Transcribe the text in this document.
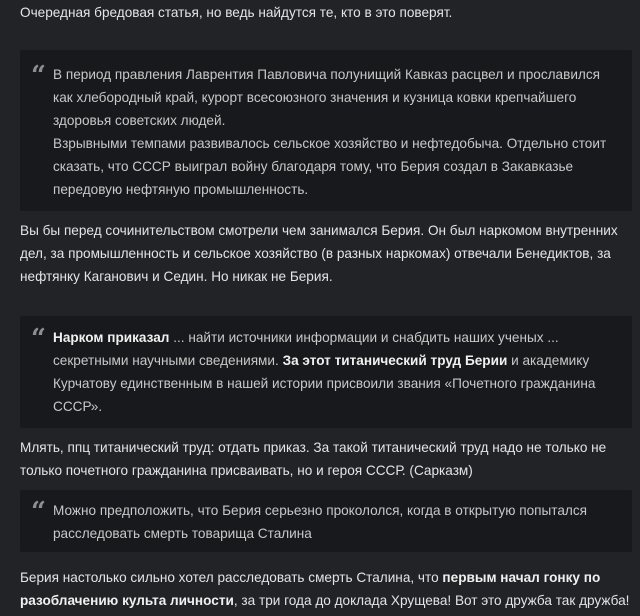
Очередная бредовая статья, но ведь найдутся те, кто в это поверят.

“ В период правления Лаврентия Павловича полунищий Кавказ расцвел и прославился как хлебородный край, курорт всесоюзного значения и кузница ковки крепчайшего здоровья советских людей.

Взрывными темпами развивалось сельское хозяйство и нефтедобыча. Отдельно стоит сказать, что СССР выиграл войну благодаря тому, что Берия создал в Закавказье передовую нефтяную промышленность.

Вы бы перед сочинительством смотрели чем занимался Берия. Он был наркомом внутренних дел, за промышленность и сельское хозяйство (в разных наркомах) отвечали Бенедиктов, за нефтянку Каганович и Седин. Но никак не Берия.

“ Нарком приказал ... найти источники информации и снабдить наших ученых ... секретными научными сведениями. За этот титанический труд Берии и академику Курчатову единственным в нашей истории присвоили звания «Почетного гражданина СССР».

Млять, ппц титанический труд: отдать приказ. За такой титанический труд надо не только не только почетного гражданина присваивать, но и героя СССР. (Сарказм)

“ Можно предположить, что Берия серьезно прокололся, когда в открытую попытался расследовать смерть товарища Сталина

Берия настолько сильно хотел расследовать смерть Сталина, что первым начал гонку по разоблачению культа личности, за три года до доклада Хрущева! Вот это дружба так дружба!
